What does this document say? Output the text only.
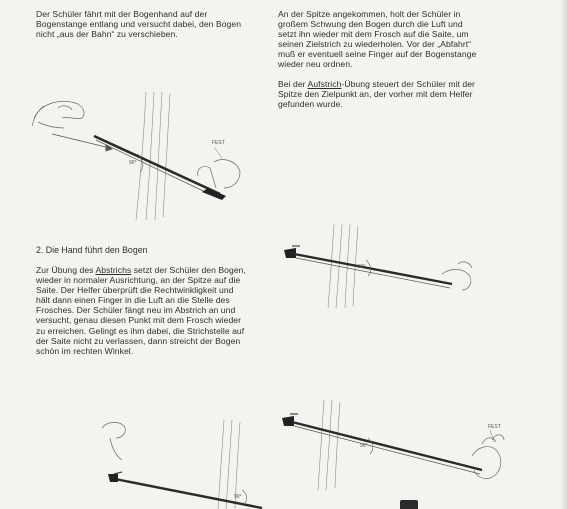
Der Schüler fährt mit der Bogenhand auf der Bogenstange entlang und versucht dabei, den Bogen nicht „aus der Bahn“ zu verschieben.

An der Spitze angekommen, holt der Schüler in großem Schwung den Bogen durch die Luft und setzt ihn wieder mit dem Frosch auf die Saite, um seinen Zielstrich zu wiederholen. Vor der „Abfahrt“ muß er eventuell seine Finger auf der Bogenstange wieder neu ordnen.

Bei der Aufstrich-Übung steuert der Schüler mit der Spitze den Zielpunkt an, der vorher mit dem Helfer gefunden wurde.

90°
FEST
90°
2. Die Hand führt den Bogen

Zur Übung des Abstrichs setzt der Schüler den Bogen, wieder in normaler Ausrichtung, an der Spitze auf die Saite. Der Helfer überprüft die Rechtwinkligkeit und hält dann einen Finger in die Luft an die Stelle des Frosches. Der Schüler fängt neu im Abstrich an und versucht, genau diesen Punkt mit dem Frosch wieder zu erreichen. Gelingt es ihm dabei, die Strichstelle auf der Saite nicht zu verlassen, dann streicht der Bogen schön im rechten Winkel.

90°
FEST
90°
